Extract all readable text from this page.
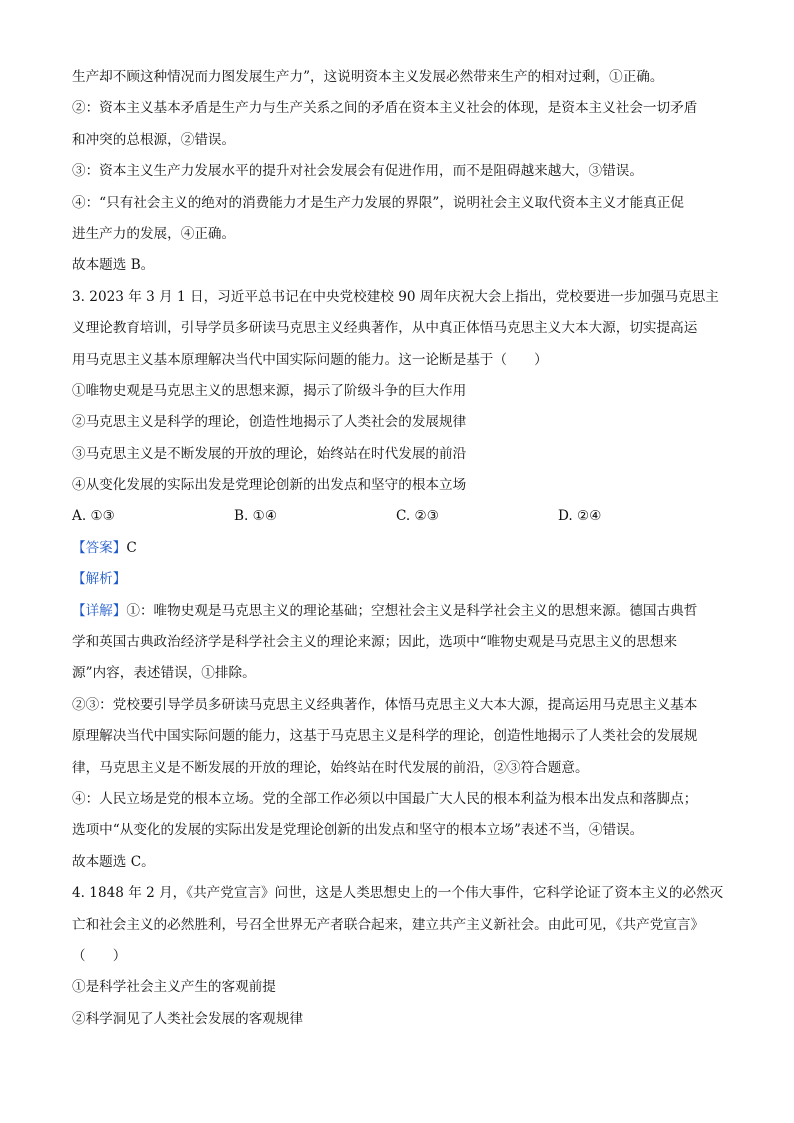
生产却不顾这种情况而力图发展生产力”，这说明资本主义发展必然带来生产的相对过剩，①正确。
②：资本主义基本矛盾是生产力与生产关系之间的矛盾在资本主义社会的体现，是资本主义社会一切矛盾
和冲突的总根源，②错误。
③：资本主义生产力发展水平的提升对社会发展会有促进作用，而不是阻碍越来越大，③错误。
④：“只有社会主义的绝对的消费能力才是生产力发展的界限”，说明社会主义取代资本主义才能真正促
进生产力的发展，④正确。
故本题选 B。
3. 2023 年 3 月 1 日，习近平总书记在中央党校建校 90 周年庆祝大会上指出，党校要进一步加强马克思主
义理论教育培训，引导学员多研读马克思主义经典著作，从中真正体悟马克思主义大本大源，切实提高运
用马克思主义基本原理解决当代中国实际问题的能力。这一论断是基于（　　）
①唯物史观是马克思主义的思想来源，揭示了阶级斗争的巨大作用
②马克思主义是科学的理论，创造性地揭示了人类社会的发展规律
③马克思主义是不断发展的开放的理论，始终站在时代发展的前沿
④从变化发展的实际出发是党理论创新的出发点和坚守的根本立场
A. ①③	B. ①④	C. ②③	D. ②④
【答案】C
【解析】
【详解】①：唯物史观是马克思主义的理论基础；空想社会主义是科学社会主义的思想来源。德国古典哲
学和英国古典政治经济学是科学社会主义的理论来源；因此，选项中“唯物史观是马克思主义的思想来
源”内容，表述错误，①排除。
②③：党校要引导学员多研读马克思主义经典著作，体悟马克思主义大本大源，提高运用马克思主义基本
原理解决当代中国实际问题的能力，这基于马克思主义是科学的理论，创造性地揭示了人类社会的发展规
律，马克思主义是不断发展的开放的理论，始终站在时代发展的前沿，②③符合题意。
④：人民立场是党的根本立场。党的全部工作必须以中国最广大人民的根本利益为根本出发点和落脚点；
选项中“从变化的发展的实际出发是党理论创新的出发点和坚守的根本立场”表述不当，④错误。
故本题选 C。
4. 1848 年 2 月，《共产党宣言》问世，这是人类思想史上的一个伟大事件，它科学论证了资本主义的必然灭
亡和社会主义的必然胜利，号召全世界无产者联合起来，建立共产主义新社会。由此可见，《共产党宣言》
（　　）
①是科学社会主义产生的客观前提
②科学洞见了人类社会发展的客观规律
